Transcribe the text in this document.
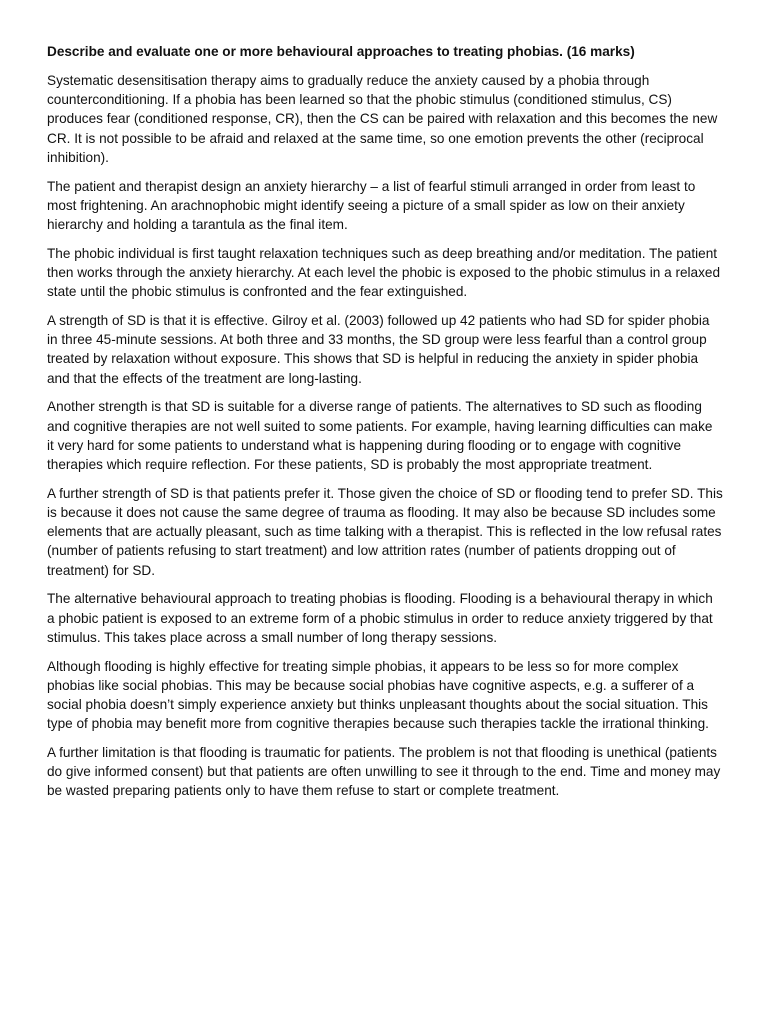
Describe and evaluate one or more behavioural approaches to treating phobias. (16 marks)

Systematic desensitisation therapy aims to gradually reduce the anxiety caused by a phobia through counterconditioning. If a phobia has been learned so that the phobic stimulus (conditioned stimulus, CS) produces fear (conditioned response, CR), then the CS can be paired with relaxation and this becomes the new CR. It is not possible to be afraid and relaxed at the same time, so one emotion prevents the other (reciprocal inhibition).

The patient and therapist design an anxiety hierarchy – a list of fearful stimuli arranged in order from least to most frightening. An arachnophobic might identify seeing a picture of a small spider as low on their anxiety hierarchy and holding a tarantula as the final item.

The phobic individual is first taught relaxation techniques such as deep breathing and/or meditation. The patient then works through the anxiety hierarchy. At each level the phobic is exposed to the phobic stimulus in a relaxed state until the phobic stimulus is confronted and the fear extinguished.

A strength of SD is that it is effective. Gilroy et al. (2003) followed up 42 patients who had SD for spider phobia in three 45-minute sessions. At both three and 33 months, the SD group were less fearful than a control group treated by relaxation without exposure. This shows that SD is helpful in reducing the anxiety in spider phobia and that the effects of the treatment are long-lasting.

Another strength is that SD is suitable for a diverse range of patients. The alternatives to SD such as flooding and cognitive therapies are not well suited to some patients. For example, having learning difficulties can make it very hard for some patients to understand what is happening during flooding or to engage with cognitive therapies which require reflection. For these patients, SD is probably the most appropriate treatment.

A further strength of SD is that patients prefer it. Those given the choice of SD or flooding tend to prefer SD. This is because it does not cause the same degree of trauma as flooding. It may also be because SD includes some elements that are actually pleasant, such as time talking with a therapist. This is reflected in the low refusal rates (number of patients refusing to start treatment) and low attrition rates (number of patients dropping out of treatment) for SD.

The alternative behavioural approach to treating phobias is flooding. Flooding is a behavioural therapy in which a phobic patient is exposed to an extreme form of a phobic stimulus in order to reduce anxiety triggered by that stimulus. This takes place across a small number of long therapy sessions.

Although flooding is highly effective for treating simple phobias, it appears to be less so for more complex phobias like social phobias. This may be because social phobias have cognitive aspects, e.g. a sufferer of a social phobia doesn’t simply experience anxiety but thinks unpleasant thoughts about the social situation. This type of phobia may benefit more from cognitive therapies because such therapies tackle the irrational thinking.

A further limitation is that flooding is traumatic for patients. The problem is not that flooding is unethical (patients do give informed consent) but that patients are often unwilling to see it through to the end. Time and money may be wasted preparing patients only to have them refuse to start or complete treatment.
